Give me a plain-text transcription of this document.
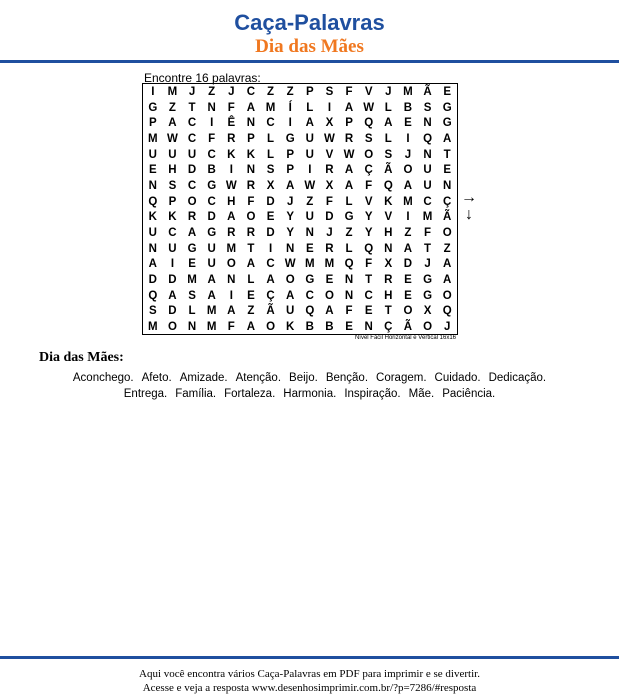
Caça-Palavras
Dia das Mães
Encontre 16 palavras:
I	M	J	Z	J	C	Z	Z	P	S	F	V	J	M Ã	E
G	Z	T	N	F	A M	Í	L	I	A W L	B	S G
P	A C	I	Ê	N C	I	A	X	P Q A	E	N G
M W C	F	R	P	L	G U W R	S	L	I	Q A
U U U C K K	L	P	U	V W O S	J	N	T
E	H D B	I	N	S	P	I	R A Ç Ã O U	E
N	S	C G W R	X	A W X	A	F	Q A U N
Q P O C H	F	D	J	Z	F	L	V	K M C Ç
K K R D A O E	Y	U D G Y	V	I	M Ã
U C A G R R D	Y	N	J	Z	Y	H	Z	F	O
N U G U M T	I	N	E	R	L	Q N A	T	Z
A	I	E	U O A C W M M Q	F	X	D	J	A
D D M A N	L	A O G E	N	T	R	E G A
Q A	S	A	I	E	Ç A C O N C H	E G O
S	D	L M A	Z	Ã U Q A	F	E	T	O X Q
M O N M F	A O K B B	E	N Ç Ã O	J
Nível Fácil Horizontal e Vertical 16x16
→
↓
Dia das Mães:
Aconchego. Afeto. Amizade. Atenção. Beijo. Benção. Coragem. Cuidado. Dedicação.
Entrega. Família. Fortaleza. Harmonia. Inspiração. Mãe. Paciência.
Aqui você encontra vários Caça-Palavras em PDF para imprimir e se divertir.
Acesse e veja a resposta www.desenhosimprimir.com.br/?p=7286/#resposta
